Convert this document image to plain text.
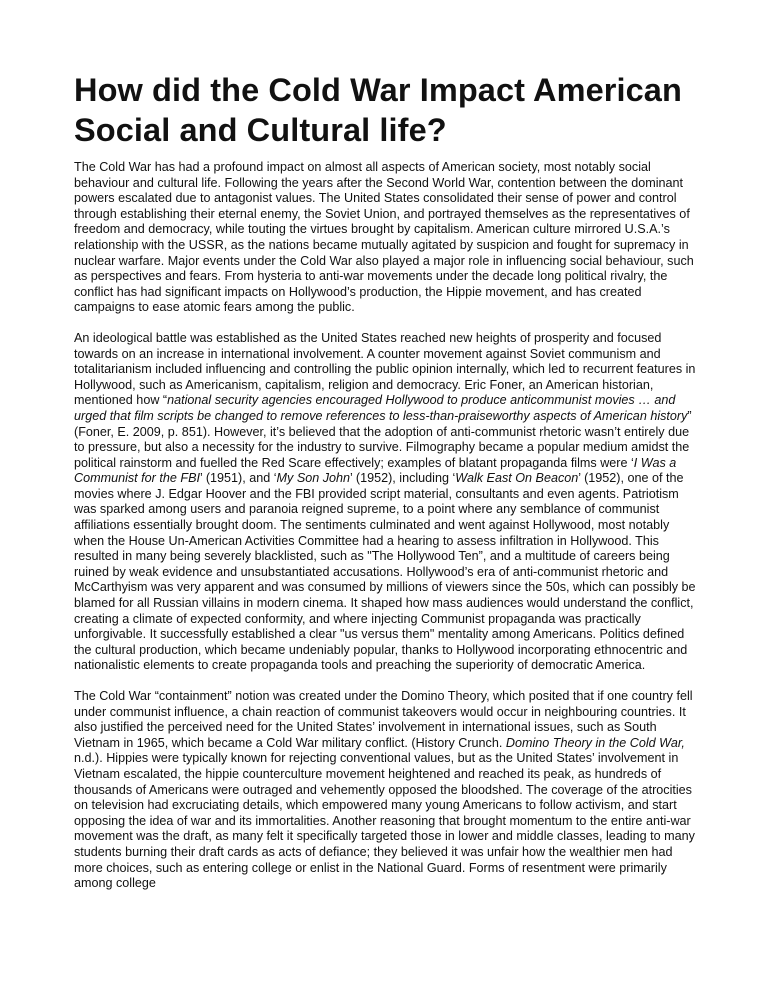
How did the Cold War Impact American Social and Cultural life?

The Cold War has had a profound impact on almost all aspects of American society, most notably social behaviour and cultural life. Following the years after the Second World War, contention between the dominant powers escalated due to antagonist values. The United States consolidated their sense of power and control through establishing their eternal enemy, the Soviet Union, and portrayed themselves as the representatives of freedom and democracy, while touting the virtues brought by capitalism. American culture mirrored U.S.A.’s relationship with the USSR, as the nations became mutually agitated by suspicion and fought for supremacy in nuclear warfare. Major events under the Cold War also played a major role in influencing social behaviour, such as perspectives and fears. From hysteria to anti-war movements under the decade long political rivalry, the conflict has had significant impacts on Hollywood’s production, the Hippie movement, and has created campaigns to ease atomic fears among the public.

An ideological battle was established as the United States reached new heights of prosperity and focused towards on an increase in international involvement. A counter movement against Soviet communism and totalitarianism included influencing and controlling the public opinion internally, which led to recurrent features in Hollywood, such as Americanism, capitalism, religion and democracy. Eric Foner, an American historian, mentioned how “national security agencies encouraged Hollywood to produce anticommunist movies … and urged that film scripts be changed to remove references to less-than-praiseworthy aspects of American history” (Foner, E. 2009, p. 851). However, it’s believed that the adoption of anti-communist rhetoric wasn’t entirely due to pressure, but also a necessity for the industry to survive. Filmography became a popular medium amidst the political rainstorm and fuelled the Red Scare effectively; examples of blatant propaganda films were ‘I Was a Communist for the FBI’ (1951), and ‘My Son John’ (1952), including ‘Walk East On Beacon’ (1952), one of the movies where J. Edgar Hoover and the FBI provided script material, consultants and even agents. Patriotism was sparked among users and paranoia reigned supreme, to a point where any semblance of communist affiliations essentially brought doom. The sentiments culminated and went against Hollywood, most notably when the House Un-American Activities Committee had a hearing to assess infiltration in Hollywood. This resulted in many being severely blacklisted, such as "The Hollywood Ten”, and a multitude of careers being ruined by weak evidence and unsubstantiated accusations. Hollywood’s era of anti-communist rhetoric and McCarthyism was very apparent and was consumed by millions of viewers since the 50s, which can possibly be blamed for all Russian villains in modern cinema. It shaped how mass audiences would understand the conflict, creating a climate of expected conformity, and where injecting Communist propaganda was practically unforgivable. It successfully established a clear "us versus them" mentality among Americans. Politics defined the cultural production, which became undeniably popular, thanks to Hollywood incorporating ethnocentric and nationalistic elements to create propaganda tools and preaching the superiority of democratic America.

The Cold War “containment” notion was created under the Domino Theory, which posited that if one country fell under communist influence, a chain reaction of communist takeovers would occur in neighbouring countries. It also justified the perceived need for the United States’ involvement in international issues, such as South Vietnam in 1965, which became a Cold War military conflict. (History Crunch. Domino Theory in the Cold War, n.d.). Hippies were typically known for rejecting conventional values, but as the United States’ involvement in Vietnam escalated, the hippie counterculture movement heightened and reached its peak, as hundreds of thousands of Americans were outraged and vehemently opposed the bloodshed. The coverage of the atrocities on television had excruciating details, which empowered many young Americans to follow activism, and start opposing the idea of war and its immortalities. Another reasoning that brought momentum to the entire anti-war movement was the draft, as many felt it specifically targeted those in lower and middle classes, leading to many students burning their draft cards as acts of defiance; they believed it was unfair how the wealthier men had more choices, such as entering college or enlist in the National Guard. Forms of resentment were primarily among college
